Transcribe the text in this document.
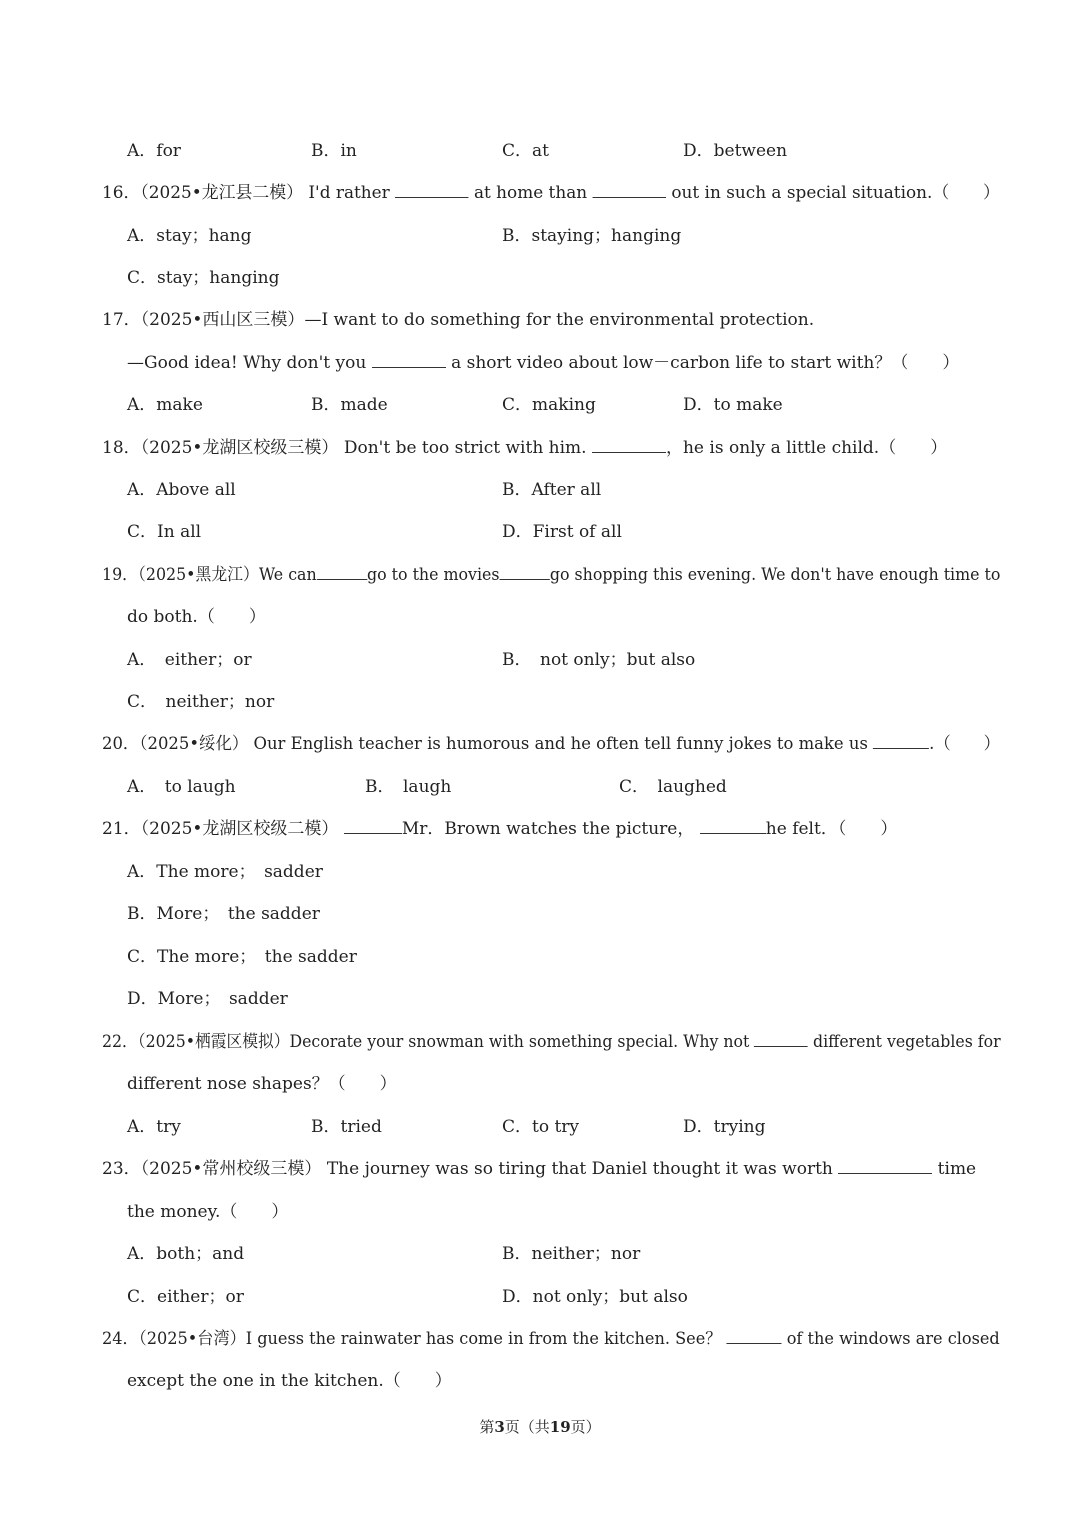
A．for	B．in	C．at	D．between
16．（2025•龙江县二模） I'd rather	at home than	out in such a special situation.（　　）
A．stay；hang	B．staying；hanging
C．stay；hanging
17．（2025•西山区三模）—I want to do something for the environmental protection.
—Good idea! Why don't you	a short video about low－carbon life to start with？（　　）
A．make	B．made	C．making	D．to make
18．（2025•龙湖区校级三模） Don't be too strict with him.	，he is only a little child.（　　）
A．Above all	B．After all
C．In all	D．First of all
19．（2025•黑龙江）We can	go to the movies	go shopping this evening. We don't have enough time to
do both.（　　）
A．　either；or	B．　not only；but also
C．　neither；nor
20．（2025•绥化） Our English teacher is humorous and he often tell funny jokes to make us	.（　　）
A．　to laugh	B．　laugh	C．　laughed
21．（2025•龙湖区校级二模）	Mr．Brown watches the picture，	he felt．（　　）
A．The more；　sadder
B．More；　the sadder
C．The more；　the sadder
D．More；　sadder
22．（2025•栖霞区模拟）Decorate your snowman with something special. Why not	different vegetables for
different nose shapes？（　　）
A．try	B．tried	C．to try	D．trying
23．（2025•常州校级三模） The journey was so tiring that Daniel thought it was worth	time
the money.（　　）
A．both；and	B．neither；nor
C．either；or	D．not only；but also
24．（2025•台湾）I guess the rainwater has come in from the kitchen. See？	of the windows are closed
except the one in the kitchen.（　　）
第3页（共19页）
